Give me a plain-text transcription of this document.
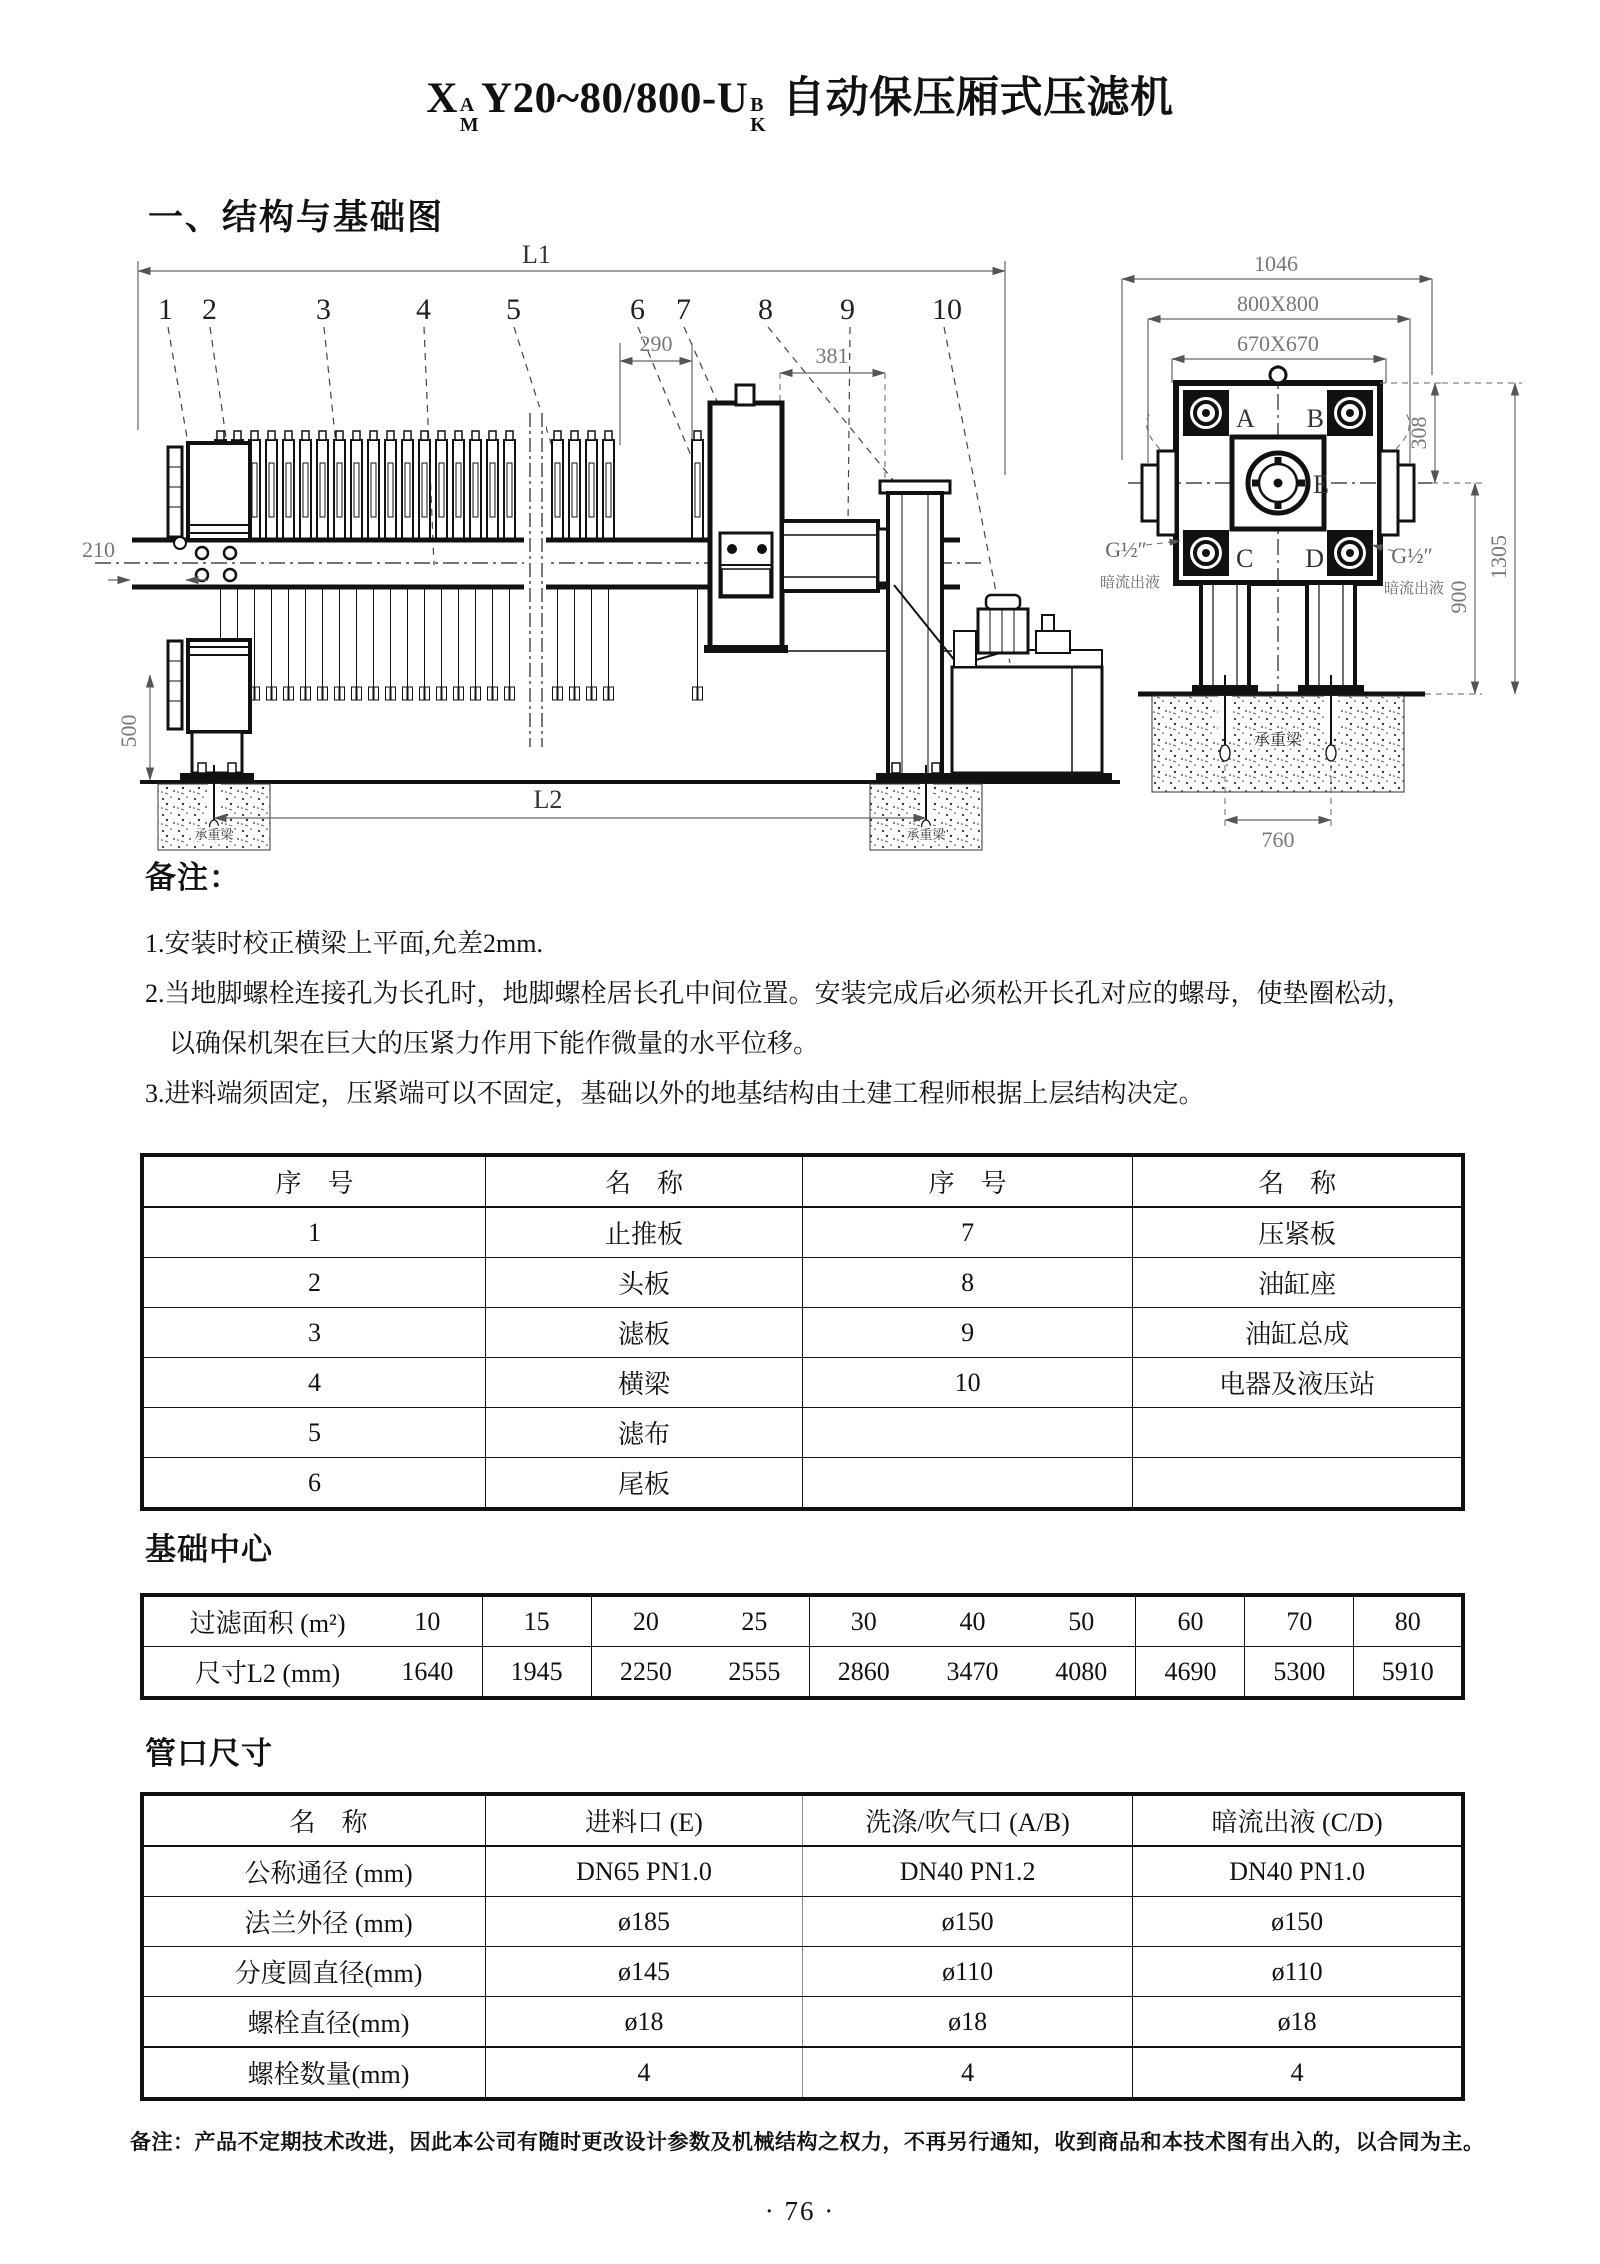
X A
M
Y20~80/800-U B
K
自动保压厢式压滤机
一、结构与基础图
L1
1 2	3	4	5	6 7 8 9	10
290	381
承重梁	承重梁
L2
210
500
1046
800X800
670X670
A B
C D
E
承重梁
760
308
900
1305
G½″
暗流出液
G½″
暗流出液
备注：
1.安装时校正横梁上平面,允差2mm.
2.当地脚螺栓连接孔为长孔时，地脚螺栓居长孔中间位置。安装完成后必须松开长孔对应的螺母，使垫圈松动，
以确保机架在巨大的压紧力作用下能作微量的水平位移。
3.进料端须固定，压紧端可以不固定，基础以外的地基结构由土建工程师根据上层结构决定。
序　号	名　称	序　号	名　称
1	止推板	7	压紧板
2	头板	8	油缸座
3	滤板	9	油缸总成
4	横梁	10	电器及液压站
5	滤布		
6	尾板		
基础中心
过滤面积 (m²)	10	15	20	25	30	40	50	60	70	80
尺寸L2 (mm)	1640	1945	2250	2555	2860	3470	4080	4690	5300	5910
管口尺寸
名　称	进料口 (E)	洗涤/吹气口 (A/B)	暗流出液 (C/D)
公称通径 (mm)	DN65 PN1.0	DN40 PN1.2	DN40 PN1.0
法兰外径 (mm)	ø185	ø150	ø150
分度圆直径(mm)	ø145	ø110	ø110
螺栓直径(mm)	ø18	ø18	ø18
螺栓数量(mm)	4	4	4
备注：产品不定期技术改进，因此本公司有随时更改设计参数及机械结构之权力，不再另行通知，收到商品和本技术图有出入的，以合同为主。
· 76 ·
